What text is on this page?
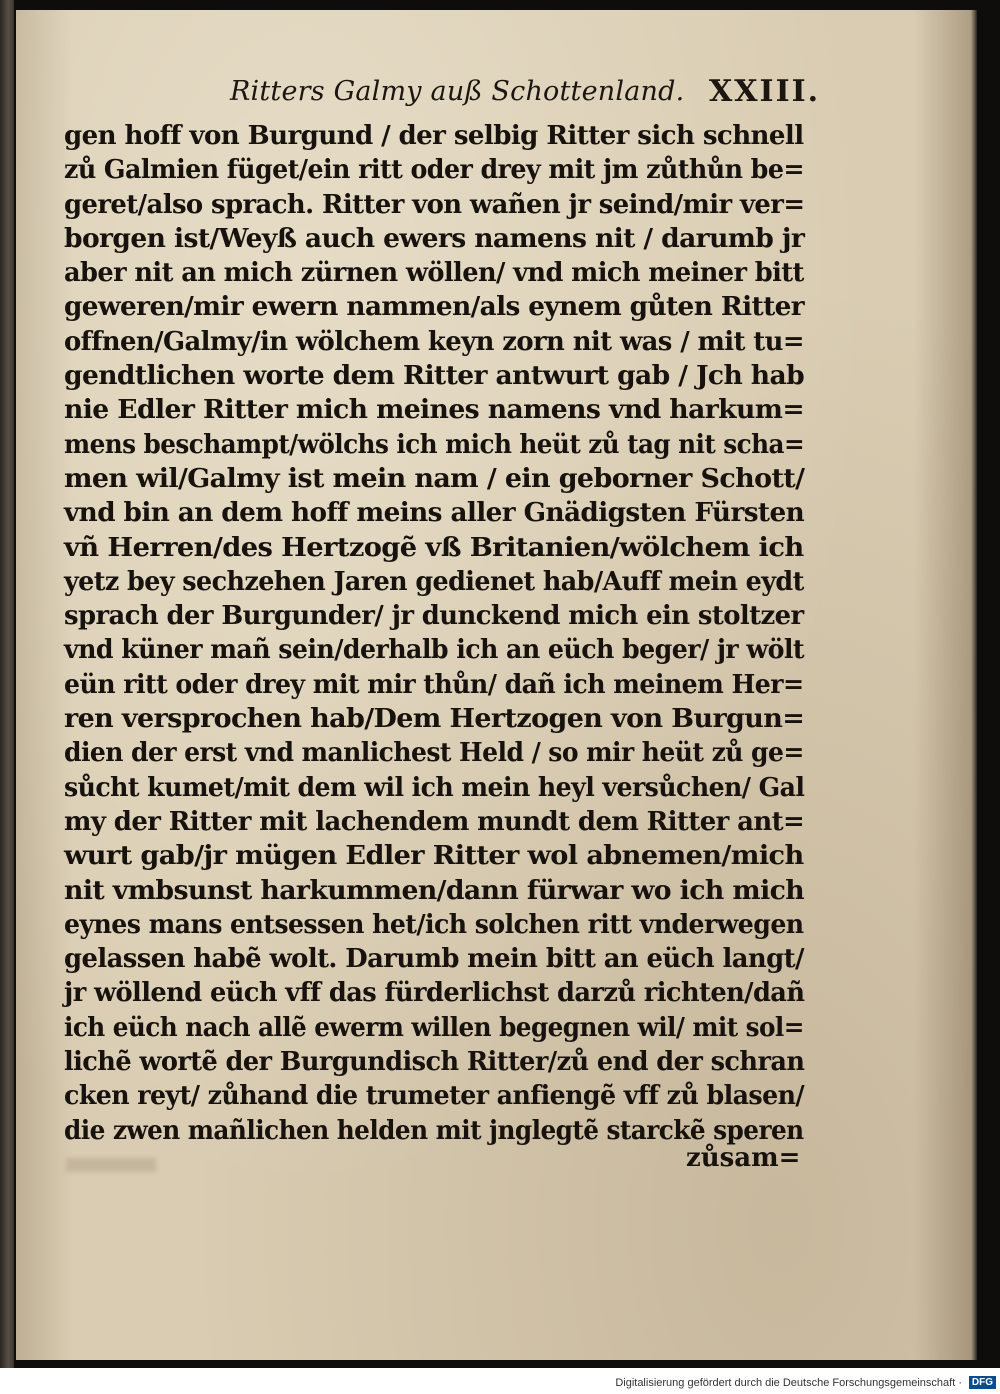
Ritters Galmy auß Schottenland. XXIII.
gen hoff von Burgund / der selbig Ritter sich schnell
zů Galmien füget/ein ritt oder drey mit jm zůthůn be=
geret/also sprach. Ritter von wañen jr seind/mir ver=
borgen ist/Weyß auch ewers namens nit / darumb jr
aber nit an mich zürnen wöllen/ vnd mich meiner bitt
geweren/mir ewern nammen/als eynem gůten Ritter
offnen/Galmy/in wölchem keyn zorn nit was / mit tu=
gendtlichen worte dem Ritter antwurt gab / Jch hab
nie Edler Ritter mich meines namens vnd harkum=
mens beschampt/wölchs ich mich heüt zů tag nit scha=
men wil/Galmy ist mein nam / ein geborner Schott/
vnd bin an dem hoff meins aller Gnädigsten Fürsten
vñ Herren/des Hertzogẽ vß Britanien/wölchem ich
yetz bey sechzehen Jaren gedienet hab/Auff mein eydt
sprach der Burgunder/ jr dunckend mich ein stoltzer
vnd küner mañ sein/derhalb ich an eüch beger/ jr wölt
eün ritt oder drey mit mir thůn/ dañ ich meinem Her=
ren versprochen hab/Dem Hertzogen von Burgun=
dien der erst vnd manlichest Held / so mir heüt zů ge=
sůcht kumet/mit dem wil ich mein heyl versůchen/ Gal
my der Ritter mit lachendem mundt dem Ritter ant=
wurt gab/jr mügen Edler Ritter wol abnemen/mich
nit vmbsunst harkummen/dann fürwar wo ich mich
eynes mans entsessen het/ich solchen ritt vnderwegen
gelassen habẽ wolt. Darumb mein bitt an eüch langt/
jr wöllend eüch vff das fürderlichst darzů richten/dañ
ich eüch nach allẽ ewerm willen begegnen wil/ mit sol=
lichẽ wortẽ der Burgundisch Ritter/zů end der schran
cken reyt/ zůhand die trumeter anfiengẽ vff zů blasen/
die zwen mañlichen helden mit jnglegtẽ starckẽ speren
zůsam=
Digitalisierung gefördert durch die Deutsche Forschungsgemeinschaft · DFG
